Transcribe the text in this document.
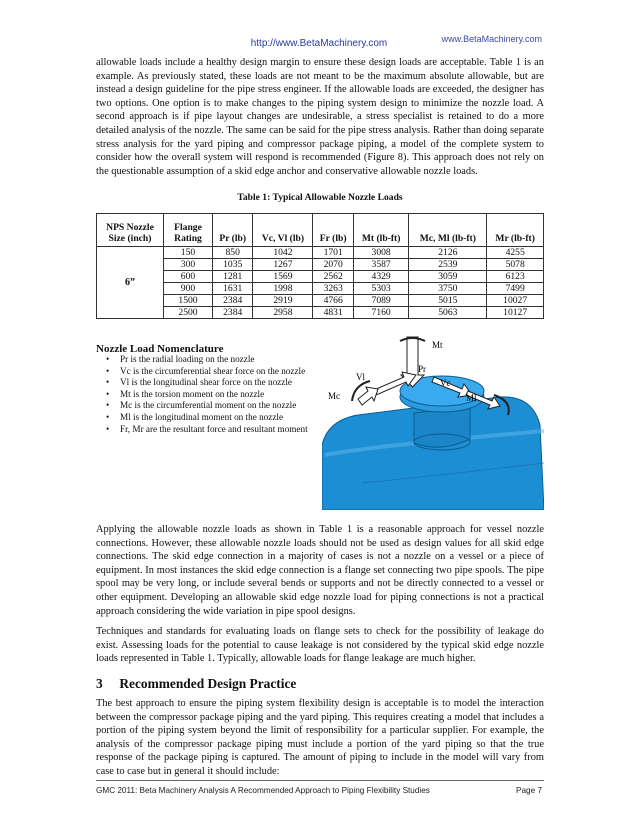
http://www.BetaMachinery.com	www.BetaMachinery.com
allowable loads include a healthy design margin to ensure these design loads are acceptable. Table 1 is an example. As previously stated, these loads are not meant to be the maximum absolute allowable, but are instead a design guideline for the pipe stress engineer. If the allowable loads are exceeded, the designer has two options. One option is to make changes to the piping system design to minimize the nozzle load. A second approach is if pipe layout changes are undesirable, a stress specialist is retained to do a more detailed analysis of the nozzle. The same can be said for the pipe stress analysis. Rather than doing separate stress analysis for the yard piping and compressor package piping, a model of the complete system to consider how the overall system will respond is recommended (Figure 8). This approach does not rely on the questionable assumption of a skid edge anchor and conservative allowable nozzle loads.
Table 1: Typical Allowable Nozzle Loads
NPS Nozzle Size (inch)	Flange Rating	Pr (lb)	Vc, Vl (lb)	Fr (lb)	Mt (lb-ft)	Mc, Ml (lb-ft)	Mr (lb-ft)
6”	150	850	1042	1701	3008	2126	4255
	300	1035	1267	2070	3587	2539	5078
	600	1281	1569	2562	4329	3059	6123
	900	1631	1998	3263	5303	3750	7499
	1500	2384	2919	4766	7089	5015	10027
	2500	2384	2958	4831	7160	5063	10127
Nozzle Load Nomenclature
• Pr is the radial loading on the nozzle
• Vc is the circumferential shear force on the nozzle
• Vl is the longitudinal shear force on the nozzle
• Mt is the torsion moment on the nozzle
• Mc is the circumferential moment on the nozzle
• Ml is the longitudinal moment on the nozzle
• Fr, Mr are the resultant force and resultant moment
Mt
Pr
Vl
Vc
Mc	Ml
Applying the allowable nozzle loads as shown in Table 1 is a reasonable approach for vessel nozzle connections. However, these allowable nozzle loads should not be used as design values for all skid edge connections. The skid edge connection in a majority of cases is not a nozzle on a vessel or a piece of equipment. In most instances the skid edge connection is a flange set connecting two pipe spools. The pipe spool may be very long, or include several bends or supports and not be directly connected to a vessel or other equipment. Developing an allowable skid edge nozzle load for piping connections is not a practical approach considering the wide variation in pipe spool designs.
Techniques and standards for evaluating loads on flange sets to check for the possibility of leakage do exist. Assessing loads for the potential to cause leakage is not considered by the typical skid edge nozzle loads represented in Table 1. Typically, allowable loads for flange leakage are much higher.
3 Recommended Design Practice
The best approach to ensure the piping system flexibility design is acceptable is to model the interaction between the compressor package piping and the yard piping. This requires creating a model that includes a portion of the piping system beyond the limit of responsibility for a particular supplier. For example, the analysis of the compressor package piping must include a portion of the yard piping so that the true response of the package piping is captured. The amount of piping to include in the model will vary from case to case but in general it should include:
GMC 2011: Beta Machinery Analysis A Recommended Approach to Piping Flexibility Studies	Page 7
